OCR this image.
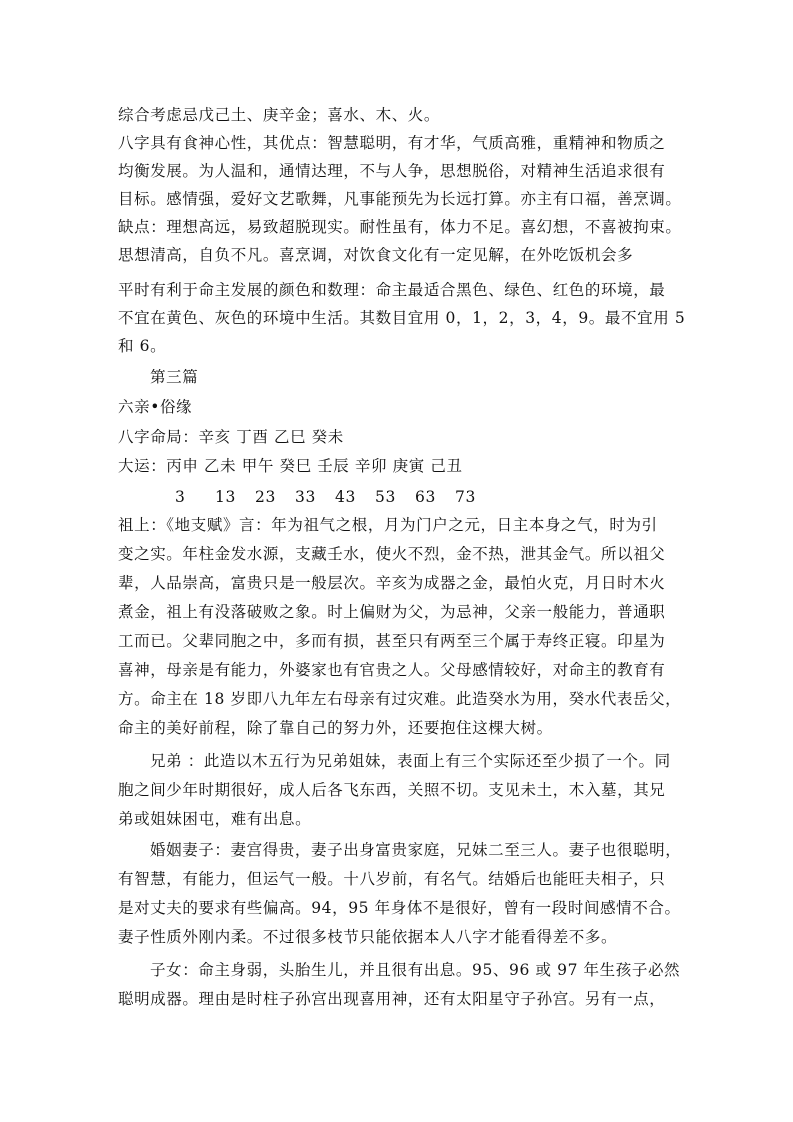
综合考虑忌戊己土、庚辛金；喜水、木、火。
八字具有食神心性，其优点：智慧聪明，有才华，气质高雅，重精神和物质之
均衡发展。为人温和，通情达理，不与人争，思想脱俗，对精神生活追求很有
目标。感情强，爱好文艺歌舞，凡事能预先为长远打算。亦主有口福，善烹调。
缺点：理想高远，易致超脱现实。耐性虽有，体力不足。喜幻想，不喜被拘束。
思想清高，自负不凡。喜烹调，对饮食文化有一定见解，在外吃饭机会多
平时有利于命主发展的颜色和数理：命主最适合黑色、绿色、红色的环境，最
不宜在黄色、灰色的环境中生活。其数目宜用 0，1，2，3，4，9。最不宜用 5
和 6。
第三篇
六亲•俗缘
八字命局：辛亥 丁酉 乙巳 癸未
大运：丙申 乙未 甲午 癸巳 壬辰 辛卯 庚寅 己丑
3 13 23 33 43 53 63 73
祖上：《地支赋》言：年为祖气之根，月为门户之元，日主本身之气，时为引
变之实。年柱金发水源，支藏壬水，使火不烈，金不热，泄其金气。所以祖父
辈，人品崇高，富贵只是一般层次。辛亥为成器之金，最怕火克，月日时木火
煮金，祖上有没落破败之象。时上偏财为父，为忌神，父亲一般能力，普通职
工而已。父辈同胞之中，多而有损，甚至只有两至三个属于寿终正寝。印星为
喜神，母亲是有能力，外婆家也有官贵之人。父母感情较好，对命主的教育有
方。命主在 18 岁即八九年左右母亲有过灾难。此造癸水为用，癸水代表岳父，
命主的美好前程，除了靠自己的努力外，还要抱住这棵大树。
兄弟 ：此造以木五行为兄弟姐妹，表面上有三个实际还至少损了一个。同
胞之间少年时期很好，成人后各飞东西，关照不切。支见未土，木入墓，其兄
弟或姐妹困屯，难有出息。
婚姻妻子：妻宫得贵，妻子出身富贵家庭，兄妹二至三人。妻子也很聪明，
有智慧，有能力，但运气一般。十八岁前，有名气。结婚后也能旺夫相子，只
是对丈夫的要求有些偏高。94，95 年身体不是很好，曾有一段时间感情不合。
妻子性质外刚内柔。不过很多枝节只能依据本人八字才能看得差不多。
子女：命主身弱，头胎生儿，并且很有出息。95、96 或 97 年生孩子必然
聪明成器。理由是时柱子孙宫出现喜用神，还有太阳星守子孙宫。另有一点，
